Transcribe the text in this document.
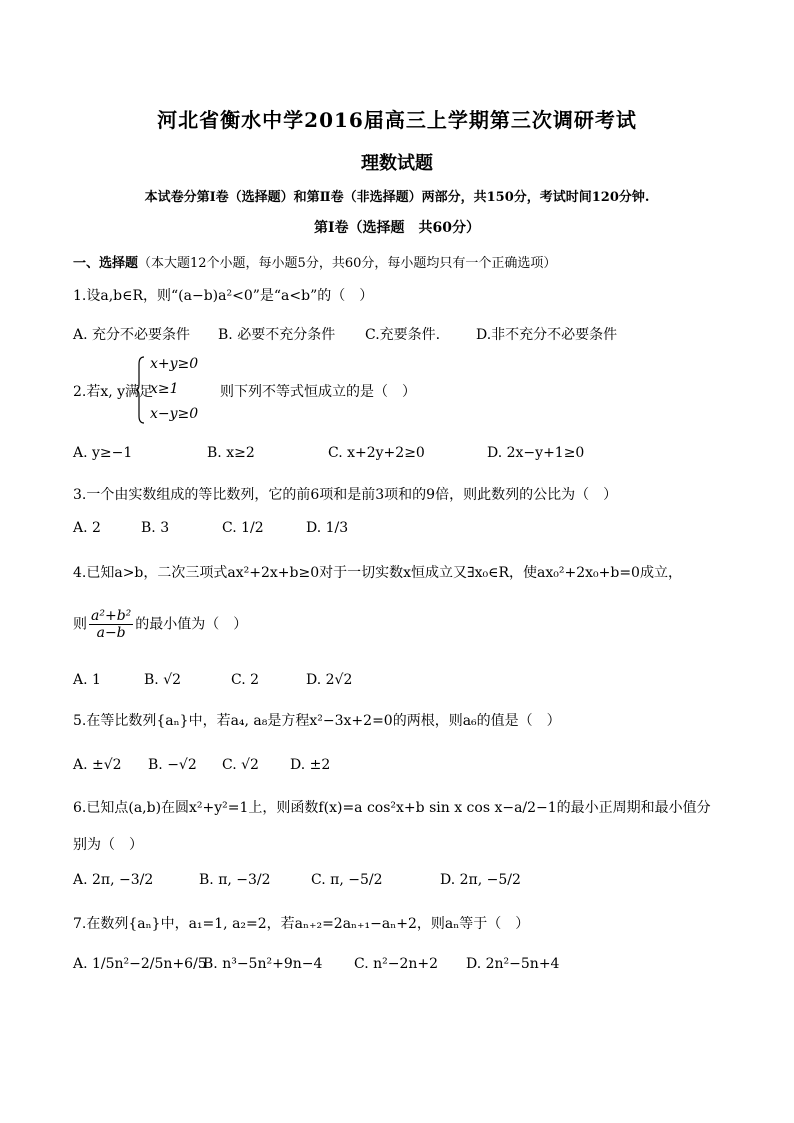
河北省衡水中学2016届高三上学期第三次调研考试
理数试题
本试卷分第Ⅰ卷（选择题）和第Ⅱ卷（非选择题）两部分，共150分，考试时间120分钟.
第Ⅰ卷（选择题　共60分）
一、选择题（本大题12个小题，每小题5分，共60分，每小题均只有一个正确选项）
1.设a,b∈R，则“(a−b)a²<0”是“a<b”的（　）
A. 充分不必要条件 B. 必要不充分条件 C.充要条件.	D.非不充分不必要条件
2.若x, y满足
x+y≥0
x≥1
x−y≥0
则下列不等式恒成立的是（　）
A. y≥−1	B. x≥2	C. x+2y+2≥0	D. 2x−y+1≥0
3.一个由实数组成的等比数列，它的前6项和是前3项和的9倍，则此数列的公比为（　）
A. 2	B. 3	C. 1/2	D. 1/3
4.已知a>b，二次三项式ax²+2x+b≥0对于一切实数x恒成立又∃x₀∈R，使ax₀²+2x₀+b=0成立，
则 $\frac{\text{a²+b²}}{a-b}$ 的最小值为（　）
A. 1	B. √2	C. 2	D. 2√2
5.在等比数列{aₙ}中，若a₄, a₈是方程x²−3x+2=0的两根，则a₆的值是（　）
A. ±√2 B. −√2 C. √2 D. ±2
6.已知点(a,b)在圆x²+y²=1上，则函数f(x)=a cos²x+b sin x cos x−a/2−1的最小正周期和最小值分
别为（　）
A. 2π, −3/2	B. π, −3/2	C. π, −5/2	D. 2π, −5/2
7.在数列{aₙ}中，a₁=1, a₂=2，若aₙ₊₂=2aₙ₊₁−aₙ+2，则aₙ等于（　）
A. 1/5n²−2/5n+6/5
B. n³−5n²+9n−4 C. n²−2n+2 D. 2n²−5n+4
